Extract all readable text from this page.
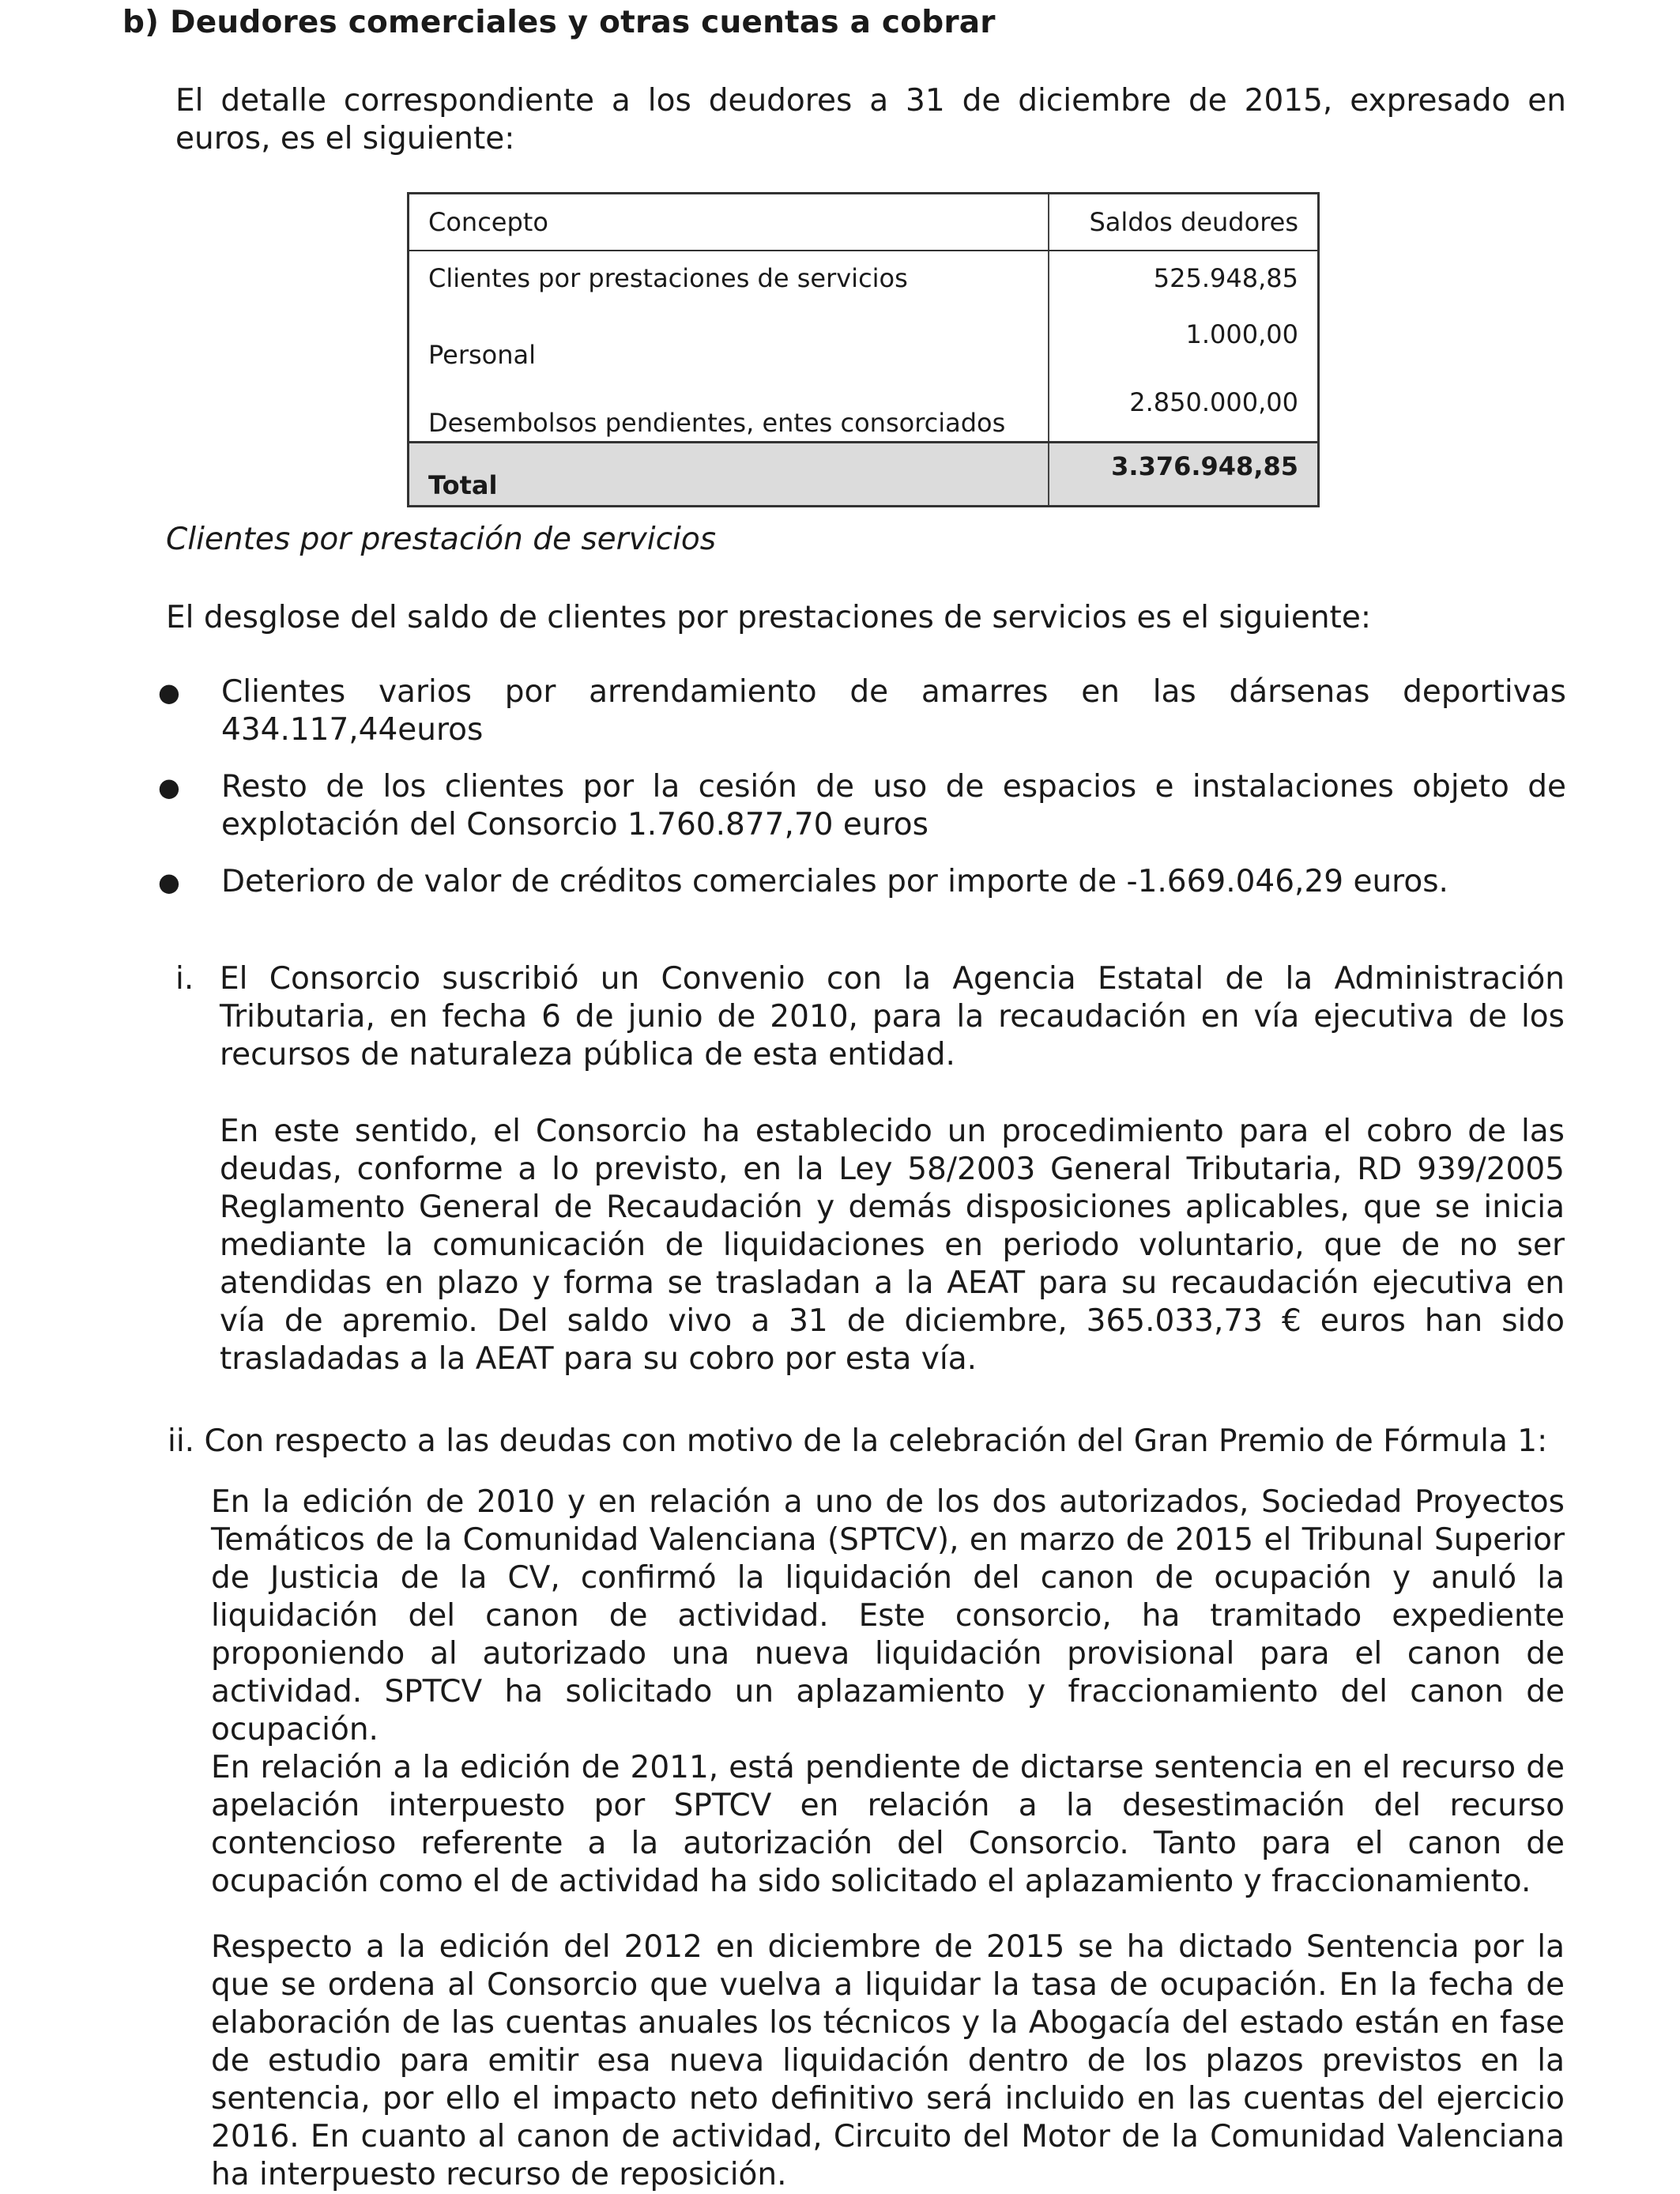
b) Deudores comerciales y otras cuentas a cobrar
El detalle correspondiente a los deudores a 31 de diciembre de 2015, expresado en euros, es el siguiente:
Concepto	Saldos deudores
Clientes por prestaciones de servicios	525.948,85
Personal	1.000,00
Desembolsos pendientes, entes consorciados	2.850.000,00
Total	3.376.948,85
Clientes por prestación de servicios
El desglose del saldo de clientes por prestaciones de servicios es el siguiente:
● Clientes varios por arrendamiento de amarres en las dársenas deportivas 434.117,44euros
● Resto de los clientes por la cesión de uso de espacios e instalaciones objeto de explotación del Consorcio 1.760.877,70 euros
● Deterioro de valor de créditos comerciales por importe de -1.669.046,29 euros.
i. El Consorcio suscribió un Convenio con la Agencia Estatal de la Administración Tributaria, en fecha 6 de junio de 2010, para la recaudación en vía ejecutiva de los recursos de naturaleza pública de esta entidad.
En este sentido, el Consorcio ha establecido un procedimiento para el cobro de las deudas, conforme a lo previsto, en la Ley 58/2003 General Tributaria, RD 939/2005 Reglamento General de Recaudación y demás disposiciones aplicables, que se inicia mediante la comunicación de liquidaciones en periodo voluntario, que de no ser atendidas en plazo y forma se trasladan a la AEAT para su recaudación ejecutiva en vía de apremio. Del saldo vivo a 31 de diciembre, 365.033,73 € euros han sido trasladadas a la AEAT para su cobro por esta vía.
ii. Con respecto a las deudas con motivo de la celebración del Gran Premio de Fórmula 1:
En la edición de 2010 y en relación a uno de los dos autorizados, Sociedad Proyectos Temáticos de la Comunidad Valenciana (SPTCV), en marzo de 2015 el Tribunal Superior de Justicia de la CV, confirmó la liquidación del canon de ocupación y anuló la liquidación del canon de actividad. Este consorcio, ha tramitado expediente proponiendo al autorizado una nueva liquidación provisional para el canon de actividad. SPTCV ha solicitado un aplazamiento y fraccionamiento del canon de ocupación.
En relación a la edición de 2011, está pendiente de dictarse sentencia en el recurso de apelación interpuesto por SPTCV en relación a la desestimación del recurso contencioso referente a la autorización del Consorcio. Tanto para el canon de ocupación como el de actividad ha sido solicitado el aplazamiento y fraccionamiento.
Respecto a la edición del 2012 en diciembre de 2015 se ha dictado Sentencia por la que se ordena al Consorcio que vuelva a liquidar la tasa de ocupación. En la fecha de elaboración de las cuentas anuales los técnicos y la Abogacía del estado están en fase de estudio para emitir esa nueva liquidación dentro de los plazos previstos en la sentencia, por ello el impacto neto definitivo será incluido en las cuentas del ejercicio 2016. En cuanto al canon de actividad, Circuito del Motor de la Comunidad Valenciana ha interpuesto recurso de reposición.
